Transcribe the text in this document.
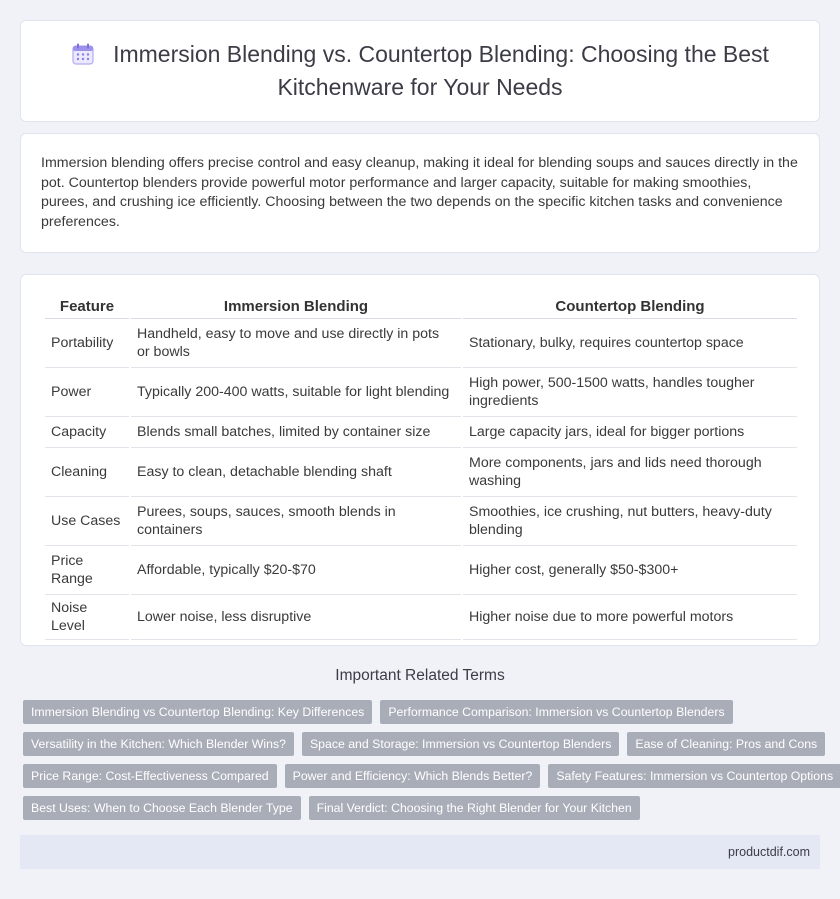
Immersion Blending vs. Countertop Blending: Choosing the Best Kitchenware for Your Needs

Immersion blending offers precise control and easy cleanup, making it ideal for blending soups and sauces directly in the pot. Countertop blenders provide powerful motor performance and larger capacity, suitable for making smoothies, purees, and crushing ice efficiently. Choosing between the two depends on the specific kitchen tasks and convenience preferences.

Feature	Immersion Blending	Countertop Blending
Portability	Handheld, easy to move and use directly in pots or bowls	Stationary, bulky, requires countertop space
Power	Typically 200-400 watts, suitable for light blending	High power, 500-1500 watts, handles tougher ingredients
Capacity	Blends small batches, limited by container size	Large capacity jars, ideal for bigger portions
Cleaning	Easy to clean, detachable blending shaft	More components, jars and lids need thorough washing
Use Cases	Purees, soups, sauces, smooth blends in containers	Smoothies, ice crushing, nut butters, heavy-duty blending
Price Range	Affordable, typically $20-$70	Higher cost, generally $50-$300+
Noise Level	Lower noise, less disruptive	Higher noise due to more powerful motors
Important Related Terms
Immersion Blending vs Countertop Blending: Key Differences	Performance Comparison: Immersion vs Countertop Blenders
Versatility in the Kitchen: Which Blender Wins?	Space and Storage: Immersion vs Countertop Blenders	Ease of Cleaning: Pros and Cons
Price Range: Cost-Effectiveness Compared	Power and Efficiency: Which Blends Better?	Safety Features: Immersion vs Countertop Options
Best Uses: When to Choose Each Blender Type	Final Verdict: Choosing the Right Blender for Your Kitchen
productdif.com
